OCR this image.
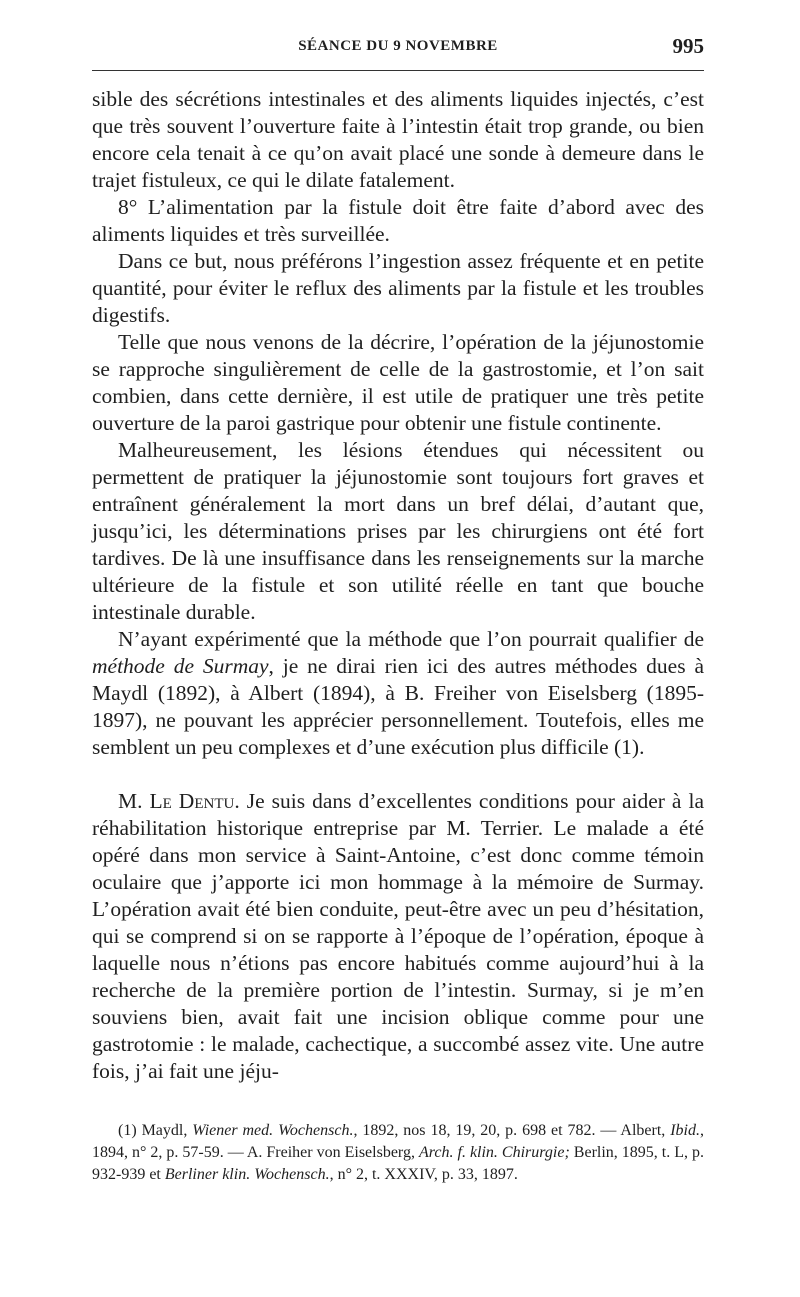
SÉANCE DU 9 NOVEMBRE	995

sible des sécrétions intestinales et des aliments liquides injectés, c’est que très souvent l’ouverture faite à l’intestin était trop grande, ou bien encore cela tenait à ce qu’on avait placé une sonde à demeure dans le trajet fistuleux, ce qui le dilate fatalement.

8° L’alimentation par la fistule doit être faite d’abord avec des aliments liquides et très surveillée.

Dans ce but, nous préférons l’ingestion assez fréquente et en petite quantité, pour éviter le reflux des aliments par la fistule et les troubles digestifs.

Telle que nous venons de la décrire, l’opération de la jéjunostomie se rapproche singulièrement de celle de la gastrostomie, et l’on sait combien, dans cette dernière, il est utile de pratiquer une très petite ouverture de la paroi gastrique pour obtenir une fistule continente.

Malheureusement, les lésions étendues qui nécessitent ou permettent de pratiquer la jéjunostomie sont toujours fort graves et entraînent généralement la mort dans un bref délai, d’autant que, jusqu’ici, les déterminations prises par les chirurgiens ont été fort tardives. De là une insuffisance dans les renseignements sur la marche ultérieure de la fistule et son utilité réelle en tant que bouche intestinale durable.

N’ayant expérimenté que la méthode que l’on pourrait qualifier de méthode de Surmay, je ne dirai rien ici des autres méthodes dues à Maydl (1892), à Albert (1894), à B. Freiher von Eiselsberg (1895-1897), ne pouvant les apprécier personnellement. Toutefois, elles me semblent un peu complexes et d’une exécution plus difficile (1).

M. Le Dentu. Je suis dans d’excellentes conditions pour aider à la réhabilitation historique entreprise par M. Terrier. Le malade a été opéré dans mon service à Saint-Antoine, c’est donc comme témoin oculaire que j’apporte ici mon hommage à la mémoire de Surmay. L’opération avait été bien conduite, peut-être avec un peu d’hésitation, qui se comprend si on se rapporte à l’époque de l’opération, époque à laquelle nous n’étions pas encore habitués comme aujourd’hui à la recherche de la première portion de l’intestin. Surmay, si je m’en souviens bien, avait fait une incision oblique comme pour une gastrotomie : le malade, cachectique, a succombé assez vite. Une autre fois, j’ai fait une jéju-

(1) Maydl, Wiener med. Wochensch., 1892, nos 18, 19, 20, p. 698 et 782. — Albert, Ibid., 1894, n° 2, p. 57-59. — A. Freiher von Eiselsberg, Arch. f. klin. Chirurgie; Berlin, 1895, t. L, p. 932-939 et Berliner klin. Wochensch., n° 2, t. XXXIV, p. 33, 1897.
